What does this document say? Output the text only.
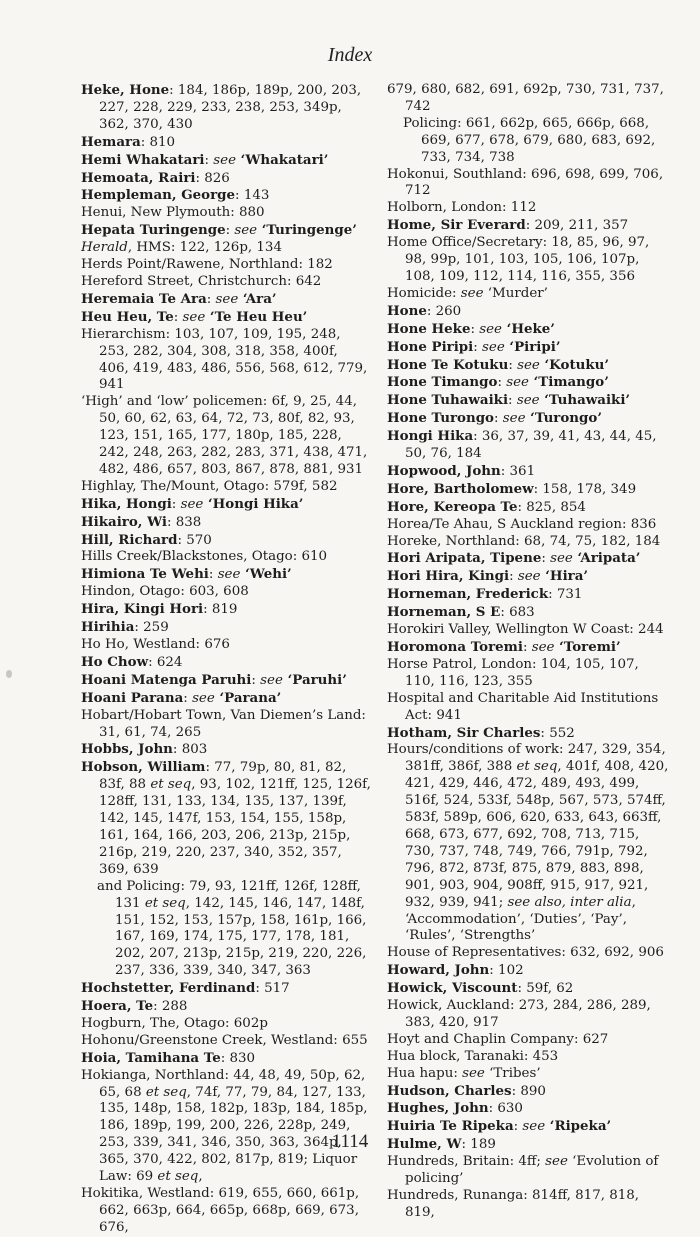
Index

Heke, Hone: 184, 186p, 189p, 200, 203, 227, 228, 229, 233, 238, 253, 349p, 362, 370, 430

Hemara: 810

Hemi Whakatari: see ‘Whakatari’

Hemoata, Rairi: 826

Hempleman, George: 143

Henui, New Plymouth: 880

Hepata Turingenge: see ‘Turingenge’

Herald, HMS: 122, 126p, 134

Herds Point/Rawene, Northland: 182

Hereford Street, Christchurch: 642

Heremaia Te Ara: see ‘Ara’

Heu Heu, Te: see ‘Te Heu Heu’

Hierarchism: 103, 107, 109, 195, 248, 253, 282, 304, 308, 318, 358, 400f, 406, 419, 483, 486, 556, 568, 612, 779, 941

‘High’ and ‘low’ policemen: 6f, 9, 25, 44, 50, 60, 62, 63, 64, 72, 73, 80f, 82, 93, 123, 151, 165, 177, 180p, 185, 228, 242, 248, 263, 282, 283, 371, 438, 471, 482, 486, 657, 803, 867, 878, 881, 931

Highlay, The/Mount, Otago: 579f, 582

Hika, Hongi: see ‘Hongi Hika’

Hikairo, Wi: 838

Hill, Richard: 570

Hills Creek/Blackstones, Otago: 610

Himiona Te Wehi: see ‘Wehi’

Hindon, Otago: 603, 608

Hira, Kingi Hori: 819

Hirihia: 259

Ho Ho, Westland: 676

Ho Chow: 624

Hoani Matenga Paruhi: see ‘Paruhi’

Hoani Parana: see ‘Parana’

Hobart/Hobart Town, Van Diemen’s Land: 31, 61, 74, 265

Hobbs, John: 803

Hobson, William: 77, 79p, 80, 81, 82, 83f, 88 et seq, 93, 102, 121ff, 125, 126f, 128ff, 131, 133, 134, 135, 137, 139f, 142, 145, 147f, 153, 154, 155, 158p, 161, 164, 166, 203, 206, 213p, 215p, 216p, 219, 220, 237, 340, 352, 357, 369, 639

and Policing: 79, 93, 121ff, 126f, 128ff, 131 et seq, 142, 145, 146, 147, 148f, 151, 152, 153, 157p, 158, 161p, 166, 167, 169, 174, 175, 177, 178, 181, 202, 207, 213p, 215p, 219, 220, 226, 237, 336, 339, 340, 347, 363

Hochstetter, Ferdinand: 517

Hoera, Te: 288

Hogburn, The, Otago: 602p

Hohonu/Greenstone Creek, Westland: 655

Hoia, Tamihana Te: 830

Hokianga, Northland: 44, 48, 49, 50p, 62, 65, 68 et seq, 74f, 77, 79, 84, 127, 133, 135, 148p, 158, 182p, 183p, 184, 185p, 186, 189p, 199, 200, 226, 228p, 249, 253, 339, 341, 346, 350, 363, 364p, 365, 370, 422, 802, 817p, 819; Liquor Law: 69 et seq,

Hokitika, Westland: 619, 655, 660, 661p, 662, 663p, 664, 665p, 668p, 669, 673, 676,

679, 680, 682, 691, 692p, 730, 731, 737, 742

Policing: 661, 662p, 665, 666p, 668, 669, 677, 678, 679, 680, 683, 692, 733, 734, 738

Hokonui, Southland: 696, 698, 699, 706, 712

Holborn, London: 112

Home, Sir Everard: 209, 211, 357

Home Office/Secretary: 18, 85, 96, 97, 98, 99p, 101, 103, 105, 106, 107p, 108, 109, 112, 114, 116, 355, 356

Homicide: see ‘Murder’

Hone: 260

Hone Heke: see ‘Heke’

Hone Piripi: see ‘Piripi’

Hone Te Kotuku: see ‘Kotuku’

Hone Timango: see ‘Timango’

Hone Tuhawaiki: see ‘Tuhawaiki’

Hone Turongo: see ‘Turongo’

Hongi Hika: 36, 37, 39, 41, 43, 44, 45, 50, 76, 184

Hopwood, John: 361

Hore, Bartholomew: 158, 178, 349

Hore, Kereopa Te: 825, 854

Horea/Te Ahau, S Auckland region: 836

Horeke, Northland: 68, 74, 75, 182, 184

Hori Aripata, Tipene: see ‘Aripata’

Hori Hira, Kingi: see ‘Hira’

Horneman, Frederick: 731

Horneman, S E: 683

Horokiri Valley, Wellington W Coast: 244

Horomona Toremi: see ‘Toremi’

Horse Patrol, London: 104, 105, 107, 110, 116, 123, 355

Hospital and Charitable Aid Institutions Act: 941

Hotham, Sir Charles: 552

Hours/conditions of work: 247, 329, 354, 381ff, 386f, 388 et seq, 401f, 408, 420, 421, 429, 446, 472, 489, 493, 499, 516f, 524, 533f, 548p, 567, 573, 574ff, 583f, 589p, 606, 620, 633, 643, 663ff, 668, 673, 677, 692, 708, 713, 715, 730, 737, 748, 749, 766, 791p, 792, 796, 872, 873f, 875, 879, 883, 898, 901, 903, 904, 908ff, 915, 917, 921, 932, 939, 941; see also, inter alia, ‘Accommodation’, ‘Duties’, ‘Pay’, ‘Rules’, ‘Strengths’

House of Representatives: 632, 692, 906

Howard, John: 102

Howick, Viscount: 59f, 62

Howick, Auckland: 273, 284, 286, 289, 383, 420, 917

Hoyt and Chaplin Company: 627

Hua block, Taranaki: 453

Hua hapu: see ‘Tribes’

Hudson, Charles: 890

Hughes, John: 630

Huiria Te Ripeka: see ‘Ripeka’

Hulme, W: 189

Hundreds, Britain: 4ff; see ‘Evolution of policing’

Hundreds, Runanga: 814ff, 817, 818, 819,

1114
